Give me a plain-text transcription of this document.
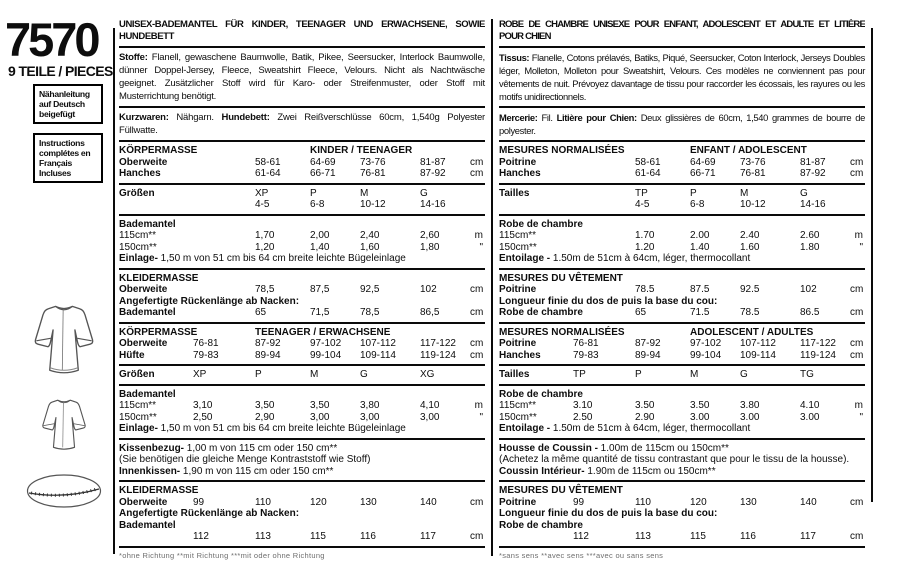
7570
9 TEILE / PIECES
Nähanleitung auf Deutsch beigefügt
Instructions complétes en Français Incluses
UNISEX-BADEMANTEL FÜR KINDER, TEENAGER UND ERWACHSENE, SOWIE
HUNDEBETT
Stoffe: Flanell, gewaschene Baumwolle, Batik, Pikee, Seersucker, Interlock Baumwolle, dünner Doppel-Jersey, Fleece, Sweatshirt Fleece, Velours. Nicht als Nachtwäsche geeignet. Zusätzlicher Stoff wird für Karo- oder Streifenmuster, oder Stoff mit Musterrichtung benötigt.
Kurzwaren: Nähgarn. Hundebett: Zwei Reißverschlüsse 60cm, 1,540g Polyester Füllwatte.
KÖRPERMASSE	KINDER / TEENAGER
Oberweite	58-61	64-69	73-76	81-87	cm
Hanches	61-64	66-71	76-81	87-92	cm
Größen	XP	P	M	G
4-5	6-8	10-12	14-16
Bademantel
115cm**	1,70	2,00	2,40	2,60	m
150cm**	1,20	1,40	1,60	1,80	"
Einlage- 1,50 m von 51 cm bis 64 cm breite leichte Bügeleinlage
KLEIDERMASSE
Oberweite	78,5	87,5	92,5	102	cm
Angefertigte Rückenlänge ab Nacken:
Bademantel	65	71,5	78,5	86,5	cm
KÖRPERMASSE	TEENAGER / ERWACHSENE
Oberweite	76-81	87-92	97-102	107-112	117-122	cm
Hüfte	79-83	89-94	99-104	109-114	119-124	cm
Größen	XP	P	M	G	XG
Bademantel
115cm**	3,10	3,50	3,50	3,80	4,10	m
150cm**	2,50	2,90	3,00	3,00	3,00	"
Einlage- 1,50 m von 51 cm bis 64 cm breite leichte Bügeleinlage
Kissenbezug- 1,00 m von 115 cm oder 150 cm**
(Sie benötigen die gleiche Menge Kontraststoff wie Stoff)
Innenkissen- 1,90 m von 115 cm oder 150 cm**
KLEIDERMASSE
Oberweite	99	110	120	130	140	cm
Angefertigte Rückenlänge ab Nacken:
Bademantel
112	113	115	116	117	cm
*ohne Richtung **mit Richtung ***mit oder ohne Richtung
ROBE DE CHAMBRE UNISEXE POUR ENFANT, ADOLESCENT ET ADULTE ET LITIÈRE
POUR CHIEN
Tissus: Flanelle, Cotons prélavés, Batiks, Piqué, Seersucker, Coton Interlock, Jerseys Doubles léger, Molleton, Molleton pour Sweatshirt, Velours. Ces modèles ne conviennent pas pour vêtements de nuit. Prévoyez davantage de tissu pour raccorder les écossais, les rayures ou les motifs unidirectionnels.
Mercerie: Fil. Litière pour Chien: Deux glissières de 60cm, 1,540 grammes de bourre de polyester.
MESURES NORMALISÉES	ENFANT / ADOLESCENT
Poitrine	58-61	64-69	73-76	81-87	cm
Hanches	61-64	66-71	76-81	87-92	cm
Tailles	TP	P	M	G
4-5	6-8	10-12	14-16
Robe de chambre
115cm**	1.70	2.00	2.40	2.60	m
150cm**	1.20	1.40	1.60	1.80	"
Entoilage - 1.50m de 51cm à 64cm, léger, thermocollant
MESURES DU VÊTEMENT
Poitrine	78.5	87.5	92.5	102	cm
Longueur finie du dos de puis la base du cou:
Robe de chambre	65	71.5	78.5	86.5	cm
MESURES NORMALISÉES	ADOLESCENT / ADULTES
Poitrine	76-81	87-92	97-102	107-112	117-122	cm
Hanches	79-83	89-94	99-104	109-114	119-124	cm
Tailles	TP	P	M	G	TG
Robe de chambre
115cm**	3.10	3.50	3.50	3.80	4.10	m
150cm**	2.50	2.90	3.00	3.00	3.00	"
Entoilage - 1.50m de 51cm à 64cm, léger, thermocollant
Housse de Coussin - 1.00m de 115cm ou 150cm**
(Achetez la même quantité de tissu contrastant que pour le tissu de la housse).
Coussin Intérieur- 1.90m de 115cm ou 150cm**
MESURES DU VÊTEMENT
Poitrine	99	110	120	130	140	cm
Longueur finie du dos de puis la base du cou:
Robe de chambre
112	113	115	116	117	cm
*sans sens **avec sens ***avec ou sans sens
